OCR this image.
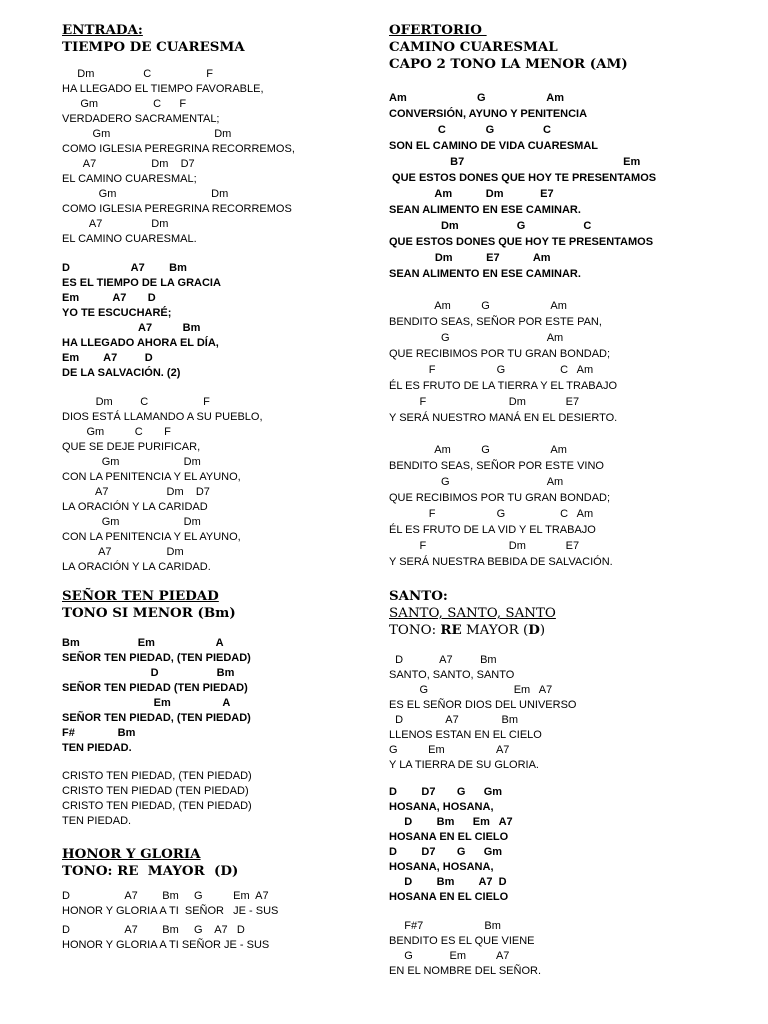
ENTRADA:
TIEMPO DE CUARESMA
Dm                C                  F
HA LLEGADO EL TIEMPO FAVORABLE,
Gm                  C      F
VERDADERO SACRAMENTAL;
Gm                                  Dm
COMO IGLESIA PEREGRINA RECORREMOS,
A7                  Dm    D7
EL CAMINO CUARESMAL;
Gm                               Dm
COMO IGLESIA PEREGRINA RECORREMOS
A7                Dm
EL CAMINO CUARESMAL.
D                    A7        Bm
ES EL TIEMPO DE LA GRACIA
Em           A7       D
YO TE ESCUCHARÉ;
A7          Bm
HA LLEGADO AHORA EL DÍA,
Em        A7         D
DE LA SALVACIÓN. (2)
Dm         C                  F
DIOS ESTÁ LLAMANDO A SU PUEBLO,
Gm          C       F
QUE SE DEJE PURIFICAR,
Gm                     Dm
CON LA PENITENCIA Y EL AYUNO,
A7                   Dm    D7
LA ORACIÓN Y LA CARIDAD
Gm                     Dm
CON LA PENITENCIA Y EL AYUNO,
A7                  Dm
LA ORACIÓN Y LA CARIDAD.
SEÑOR TEN PIEDAD
TONO SI MENOR (Bm)
Bm                   Em                    A
SEÑOR TEN PIEDAD, (TEN PIEDAD)
D                   Bm
SEÑOR TEN PIEDAD (TEN PIEDAD)
Em                 A
SEÑOR TEN PIEDAD, (TEN PIEDAD)
F#              Bm
TEN PIEDAD.
CRISTO TEN PIEDAD, (TEN PIEDAD)
CRISTO TEN PIEDAD (TEN PIEDAD)
CRISTO TEN PIEDAD, (TEN PIEDAD)
TEN PIEDAD.
HONOR Y GLORIA
TONO: RE  MAYOR  (D)
D                  A7        Bm     G          Em  A7
HONOR Y GLORIA A TI  SEÑOR   JE - SUS
D                  A7        Bm     G    A7   D
HONOR Y GLORIA A TI SEÑOR JE - SUS
OFERTORIO
CAMINO CUARESMAL
CAPO 2 TONO LA MENOR (AM)
Am                       G                    Am
CONVERSIÓN, AYUNO Y PENITENCIA
C             G                C
SON EL CAMINO DE VIDA CUARESMAL
B7                                                    Em
QUE ESTOS DONES QUE HOY TE PRESENTAMOS
Am           Dm            E7
SEAN ALIMENTO EN ESE CAMINAR.
Dm                   G                   C
QUE ESTOS DONES QUE HOY TE PRESENTAMOS
Dm           E7           Am
SEAN ALIMENTO EN ESE CAMINAR.
Am          G                    Am
BENDITO SEAS, SEÑOR POR ESTE PAN,
G                                Am
QUE RECIBIMOS POR TU GRAN BONDAD;
F                    G                  C   Am
ÉL ES FRUTO DE LA TIERRA Y EL TRABAJO
F                           Dm             E7
Y SERÁ NUESTRO MANÁ EN EL DESIERTO.
Am          G                    Am
BENDITO SEAS, SEÑOR POR ESTE VINO
G                                Am
QUE RECIBIMOS POR TU GRAN BONDAD;
F                    G                  C   Am
ÉL ES FRUTO DE LA VID Y EL TRABAJO
F                           Dm             E7
Y SERÁ NUESTRA BEBIDA DE SALVACIÓN.
SANTO:
SANTO, SANTO, SANTO
TONO: RE MAYOR (D)
D            A7         Bm
SANTO, SANTO, SANTO
G                            Em   A7
ES EL SEÑOR DIOS DEL UNIVERSO
D              A7              Bm
LLENOS ESTAN EN EL CIELO
G          Em                 A7
Y LA TIERRA DE SU GLORIA.
D        D7       G      Gm
HOSANA, HOSANA,
D        Bm      Em   A7
HOSANA EN EL CIELO
D        D7       G      Gm
HOSANA, HOSANA,
D        Bm        A7  D
HOSANA EN EL CIELO
F#7                    Bm
BENDITO ES EL QUE VIENE
G            Em          A7
EN EL NOMBRE DEL SEÑOR.
